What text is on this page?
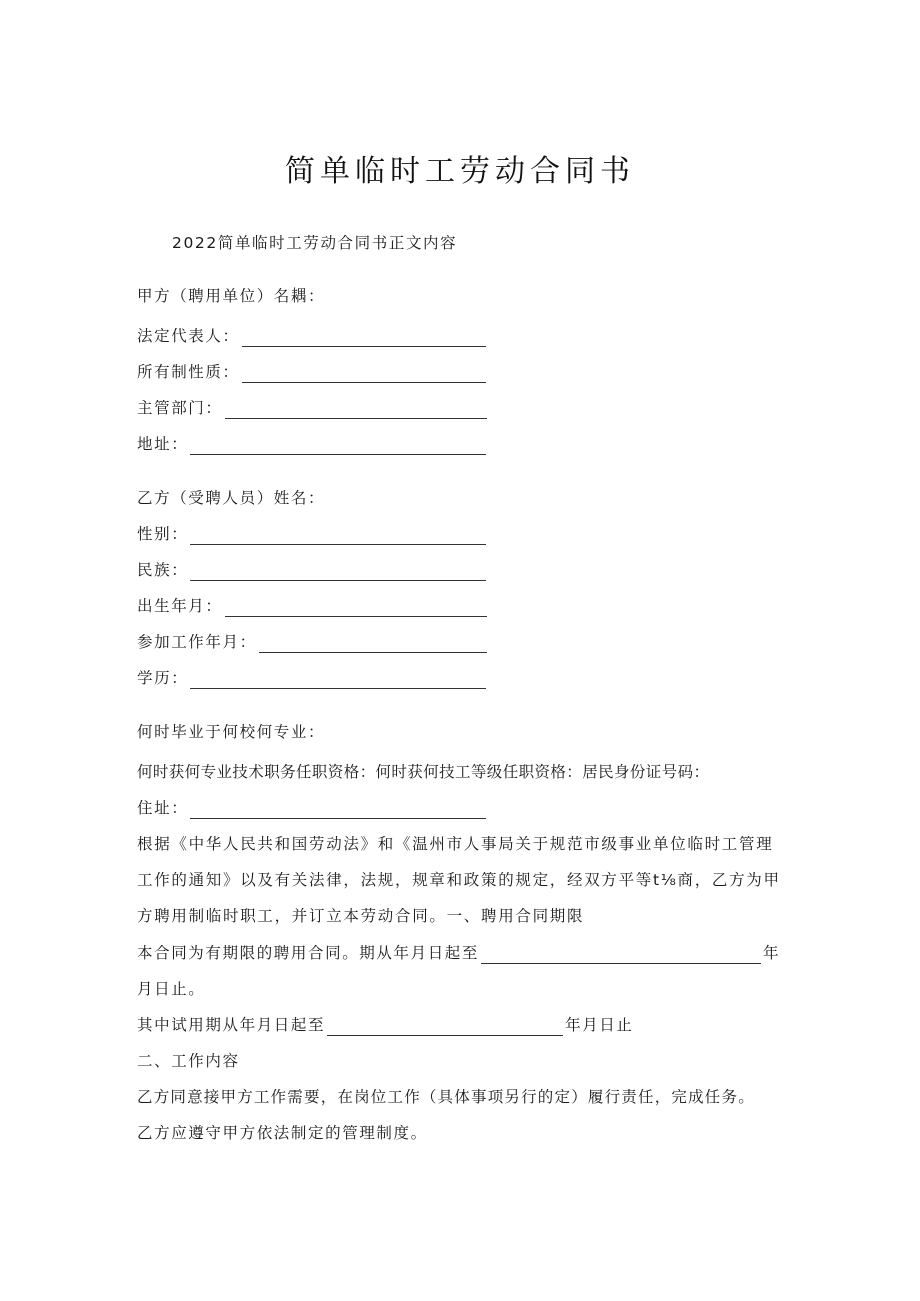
简单临时工劳动合同书
2022简单临时工劳动合同书正文内容
甲方（聘用单位）名耦：
法定代表人：
所有制性质：
主管部门：
地址：
乙方（受聘人员）姓名：
性别：
民族：
出生年月：
参加工作年月：
学历：
何时毕业于何校何专业：
何时获何专业技术职务任职资格：何时获何技工等级任职资格：居民身份证号码：
住址：
根据《中华人民共和国劳动法》和《温州市人事局关于规范市级事业单位临时工管理工作的通知》以及有关法律，法规，规章和政策的规定，经双方平等t⅛商，乙方为甲方聘用制临时职工，并订立本劳动合同。一、聘用合同期限
本合同为有期限的聘用合同。期从年月日起至	年
月日止。
其中试用期从年月日起至	年月日止
二、工作内容
乙方同意接甲方工作需要，在岗位工作（具体事项另行的定）履行责任，完成任务。
乙方应遵守甲方依法制定的管理制度。
